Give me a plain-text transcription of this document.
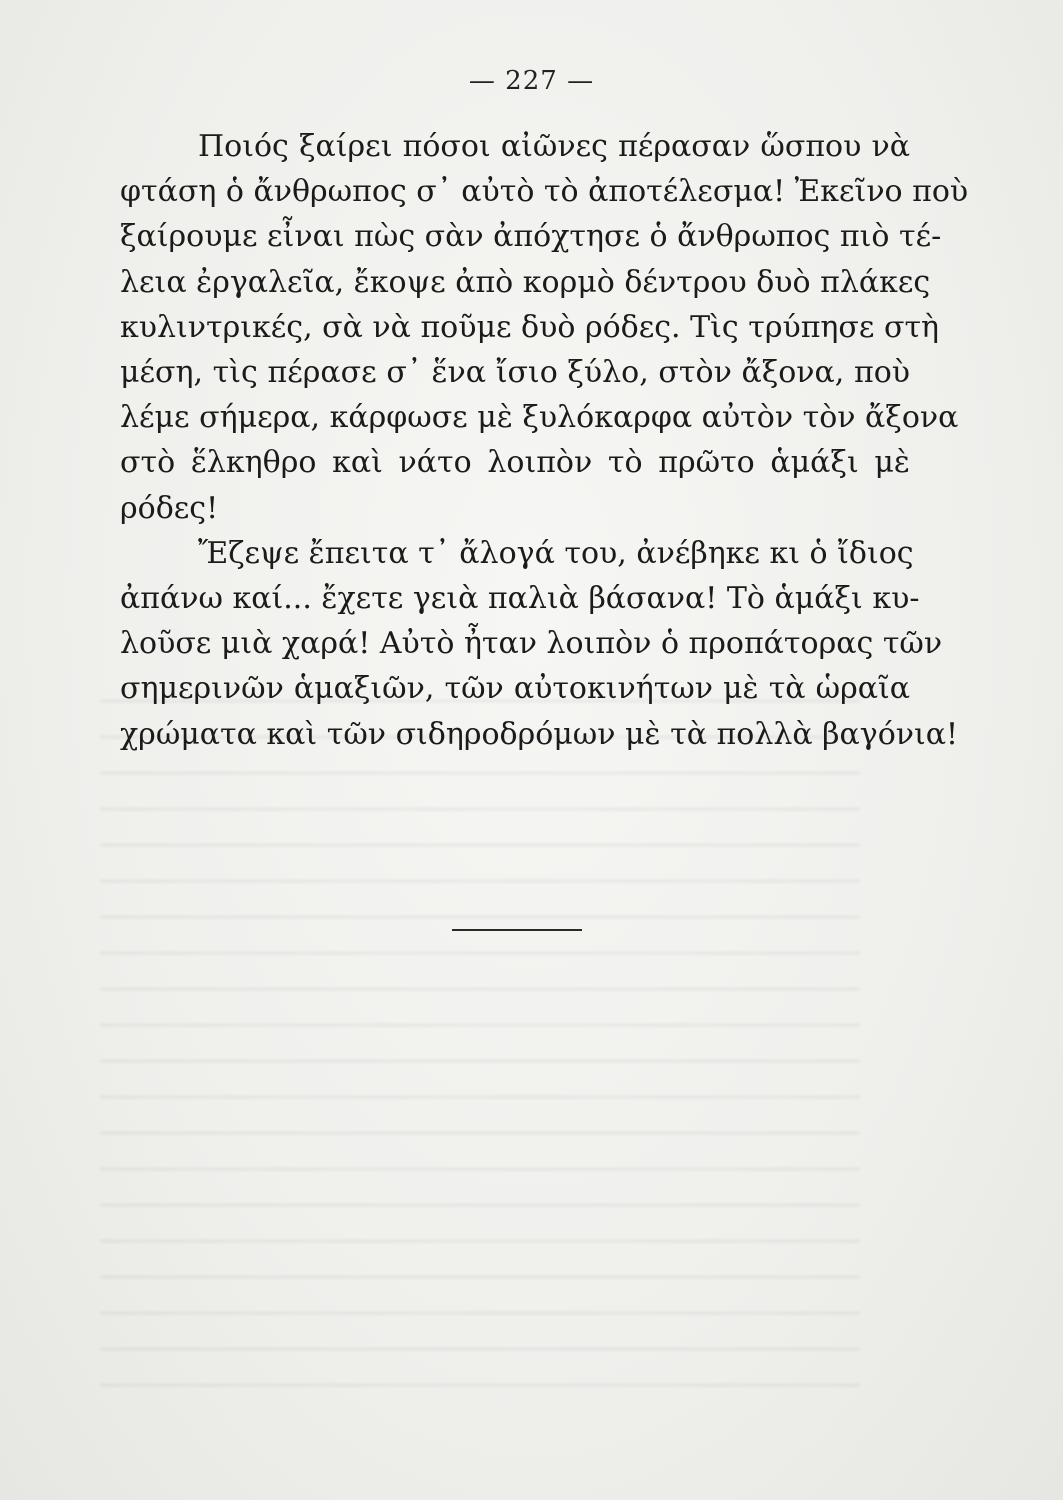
— 227 —
Ποιός ξαίρει πόσοι αἰῶνες πέρασαν ὥσπου νὰ
φτάση ὁ ἄνθρωπος σ᾽ αὐτὸ τὸ ἀποτέλεσμα! Ἐκεῖνο ποὺ
ξαίρουμε εἶναι πὼς σὰν ἀπόχτησε ὁ ἄνθρωπος πιὸ τέ-
λεια ἐργαλεῖα, ἔκοψε ἀπὸ κορμὸ δέντρου δυὸ πλάκες
κυλιντρικές, σὰ νὰ ποῦμε δυὸ ρόδες. Τὶς τρύπησε στὴ
μέση, τὶς πέρασε σ᾽ ἕνα ἴσιο ξύλο, στὸν ἄξονα, ποὺ
λέμε σήμερα, κάρφωσε μὲ ξυλόκαρφα αὐτὸν τὸν ἄξονα
στὸ ἕλκηθρο καὶ νάτο λοιπὸν τὸ πρῶτο ἁμάξι μὲ
ρόδες!
Ἔζεψε ἔπειτα τ᾽ ἄλογά του, ἀνέβηκε κι ὁ ἴδιος
ἀπάνω καί... ἔχετε γειὰ παλιὰ βάσανα! Τὸ ἁμάξι κυ-
λοῦσε μιὰ χαρά! Αὐτὸ ἦταν λοιπὸν ὁ προπάτορας τῶν
σημερινῶν ἁμαξιῶν, τῶν αὐτοκινήτων μὲ τὰ ὡραῖα
χρώματα καὶ τῶν σιδηροδρόμων μὲ τὰ πολλὰ βαγόνια!
